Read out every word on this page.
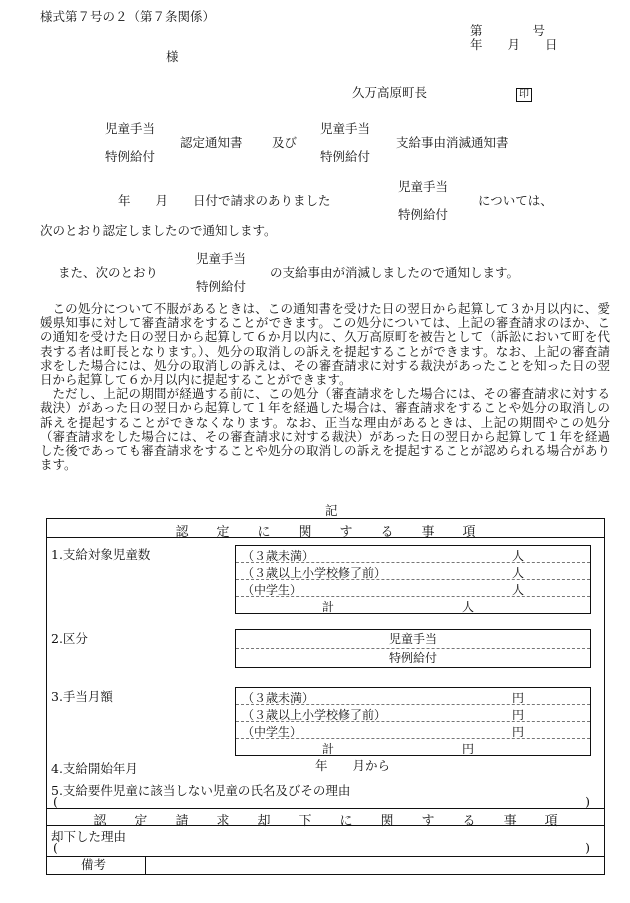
様式第７号の２（第７条関係）
第　　　　号
年　　月　　日
様
久万高原町長	印
児童手当
特例給付
認定通知書 及び
児童手当
特例給付
支給事由消滅通知書
年　　月　　日付で請求のありました
児童手当
特例給付
については、
次のとおり認定しましたので通知します。
児童手当
特例給付
また、次のとおり	の支給事由が消滅しましたので通知します。

この処分について不服があるときは、この通知書を受けた日の翌日から起算して３か月以内に、愛媛県知事に対して審査請求をすることができます。この処分については、上記の審査請求のほか、この通知を受けた日の翌日から起算して６か月以内に、久万高原町を被告として（訴訟において町を代表する者は町長となります。）、処分の取消しの訴えを提起することができます。なお、上記の審査請求をした場合には、処分の取消しの訴えは、その審査請求に対する裁決があったことを知った日の翌日から起算して６か月以内に提起することができます。

ただし、上記の期間が経過する前に、この処分（審査請求をした場合には、その審査請求に対する裁決）があった日の翌日から起算して１年を経過した場合は、審査請求をすることや処分の取消しの訴えを提起することができなくなります。なお、正当な理由があるときは、上記の期間やこの処分（審査請求をした場合には、その審査請求に対する裁決）があった日の翌日から起算して１年を経過した後であっても審査請求をすることや処分の取消しの訴えを提起することが認められる場合があります。

記
認 定 に 関 す る 事 項
1.支給対象児童数	（３歳未満）	人
（３歳以上小学校修了前）	人
（中学生）	人
計	人
2.区分	児童手当
特例給付
3.手当月額	（３歳未満）	円
（３歳以上小学校修了前）	円
（中学生）	円
計	円
4.支給開始年月	年　　月から
5.支給要件児童に該当しない児童の氏名及びその理由
(	)
認 定 請 求 却 下 に 関 す る 事 項
却下した理由
(	)
備考
